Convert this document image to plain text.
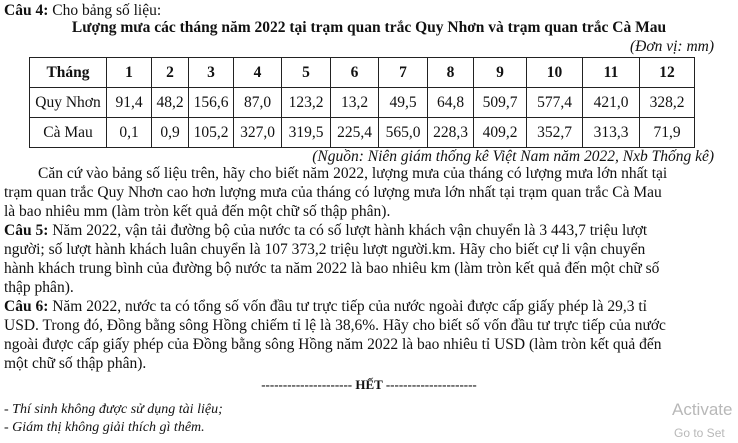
Câu 4: Cho bảng số liệu:
Lượng mưa các tháng năm 2022 tại trạm quan trắc Quy Nhơn và trạm quan trắc Cà Mau
(Đơn vị: mm)
Tháng	1	2	3	4	5	6	7	8	9	10	11	12
Quy Nhơn	91,4	48,2	156,6	87,0	123,2	13,2	49,5	64,8	509,7	577,4	421,0	328,2
Cà Mau	0,1	0,9	105,2	327,0	319,5	225,4	565,0	228,3	409,2	352,7	313,3	71,9
(Nguồn: Niên giám thống kê Việt Nam năm 2022, Nxb Thống kê)
Căn cứ vào bảng số liệu trên, hãy cho biết năm 2022, lượng mưa của tháng có lượng mưa lớn nhất tại
trạm quan trắc Quy Nhơn cao hơn lượng mưa của tháng có lượng mưa lớn nhất tại trạm quan trắc Cà Mau
là bao nhiêu mm (làm tròn kết quả đến một chữ số thập phân).
Câu 5: Năm 2022, vận tải đường bộ của nước ta có số lượt hành khách vận chuyển là 3 443,7 triệu lượt
người; số lượt hành khách luân chuyển là 107 373,2 triệu lượt người.km. Hãy cho biết cự li vận chuyển
hành khách trung bình của đường bộ nước ta năm 2022 là bao nhiêu km (làm tròn kết quả đến một chữ số
thập phân).
Câu 6: Năm 2022, nước ta có tổng số vốn đầu tư trực tiếp của nước ngoài được cấp giấy phép là 29,3 tỉ
USD. Trong đó, Đồng bằng sông Hồng chiếm tỉ lệ là 38,6%. Hãy cho biết số vốn đầu tư trực tiếp của nước
ngoài được cấp giấy phép của Đồng bằng sông Hồng năm 2022 là bao nhiêu tỉ USD (làm tròn kết quả đến
một chữ số thập phân).
--------------------- HẾT ---------------------
- Thí sinh không được sử dụng tài liệu;
- Giám thị không giải thích gì thêm.
Activate
Go to Set
